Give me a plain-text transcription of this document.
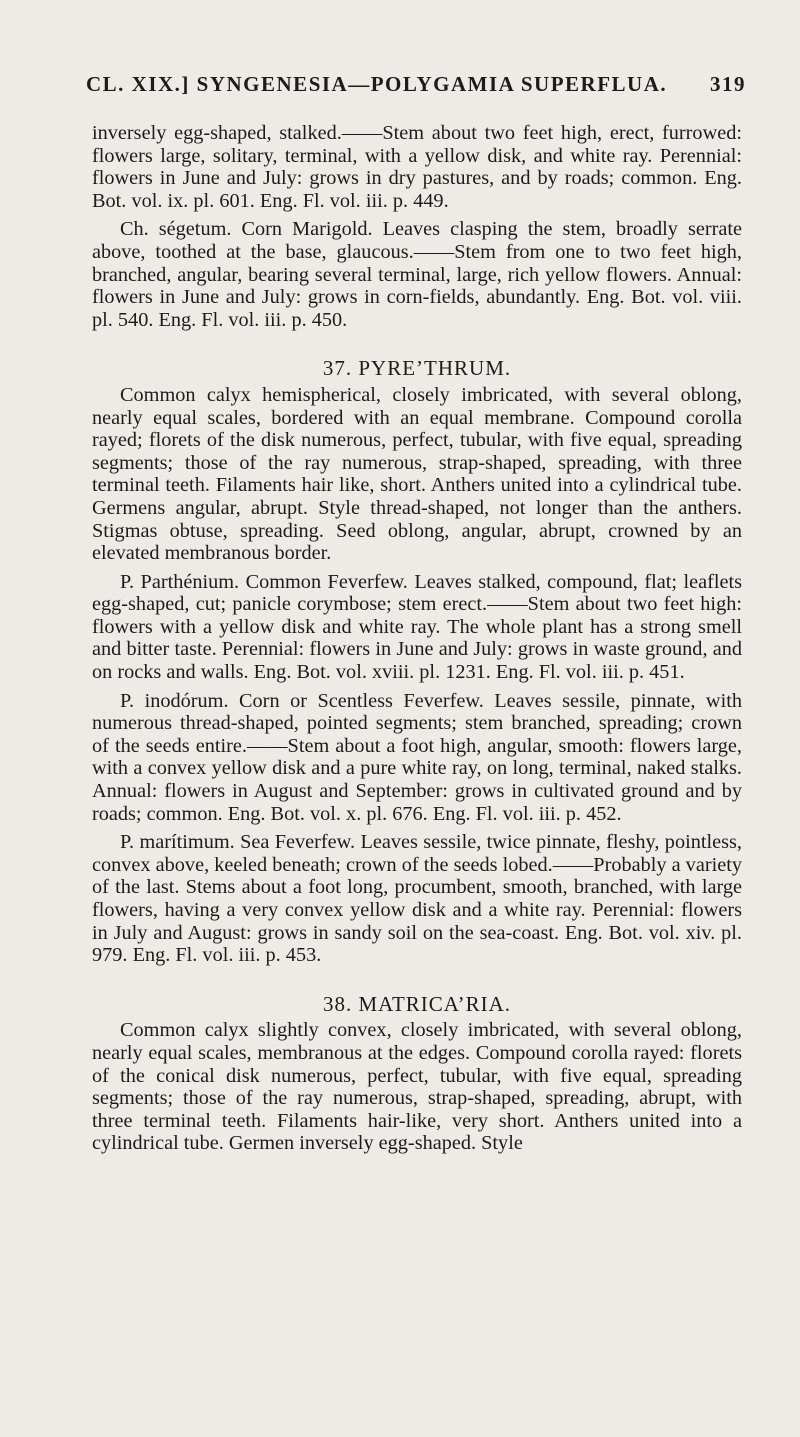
CL. XIX.] SYNGENESIA—POLYGAMIA SUPERFLUA. 319

inversely egg-shaped, stalked.——Stem about two feet high, erect, furrowed: flowers large, solitary, terminal, with a yellow disk, and white ray. Perennial: flowers in June and July: grows in dry pastures, and by roads; common. Eng. Bot. vol. ix. pl. 601. Eng. Fl. vol. iii. p. 449.

Ch. ségetum. Corn Marigold. Leaves clasping the stem, broadly serrate above, toothed at the base, glaucous.——Stem from one to two feet high, branched, angular, bearing several terminal, large, rich yellow flowers. Annual: flowers in June and July: grows in corn-fields, abundantly. Eng. Bot. vol. viii. pl. 540. Eng. Fl. vol. iii. p. 450.

37. PYRE’THRUM.

Common calyx hemispherical, closely imbricated, with several oblong, nearly equal scales, bordered with an equal membrane. Compound corolla rayed; florets of the disk numerous, perfect, tubular, with five equal, spreading segments; those of the ray numerous, strap-shaped, spreading, with three terminal teeth. Filaments hair like, short. Anthers united into a cylindrical tube. Germens angular, abrupt. Style thread-shaped, not longer than the anthers. Stigmas obtuse, spreading. Seed oblong, angular, abrupt, crowned by an elevated membranous border.

P. Parthénium. Common Feverfew. Leaves stalked, compound, flat; leaflets egg-shaped, cut; panicle corymbose; stem erect.——Stem about two feet high: flowers with a yellow disk and white ray. The whole plant has a strong smell and bitter taste. Perennial: flowers in June and July: grows in waste ground, and on rocks and walls. Eng. Bot. vol. xviii. pl. 1231. Eng. Fl. vol. iii. p. 451.

P. inodórum. Corn or Scentless Feverfew. Leaves sessile, pinnate, with numerous thread-shaped, pointed segments; stem branched, spreading; crown of the seeds entire.——Stem about a foot high, angular, smooth: flowers large, with a convex yellow disk and a pure white ray, on long, terminal, naked stalks. Annual: flowers in August and September: grows in cultivated ground and by roads; common. Eng. Bot. vol. x. pl. 676. Eng. Fl. vol. iii. p. 452.

P. marítimum. Sea Feverfew. Leaves sessile, twice pinnate, fleshy, pointless, convex above, keeled beneath; crown of the seeds lobed.——Probably a variety of the last. Stems about a foot long, procumbent, smooth, branched, with large flowers, having a very convex yellow disk and a white ray. Perennial: flowers in July and August: grows in sandy soil on the sea-coast. Eng. Bot. vol. xiv. pl. 979. Eng. Fl. vol. iii. p. 453.

38. MATRICA’RIA.

Common calyx slightly convex, closely imbricated, with several oblong, nearly equal scales, membranous at the edges. Compound corolla rayed: florets of the conical disk numerous, perfect, tubular, with five equal, spreading segments; those of the ray numerous, strap-shaped, spreading, abrupt, with three terminal teeth. Filaments hair-like, very short. Anthers united into a cylindrical tube. Germen inversely egg-shaped. Style
